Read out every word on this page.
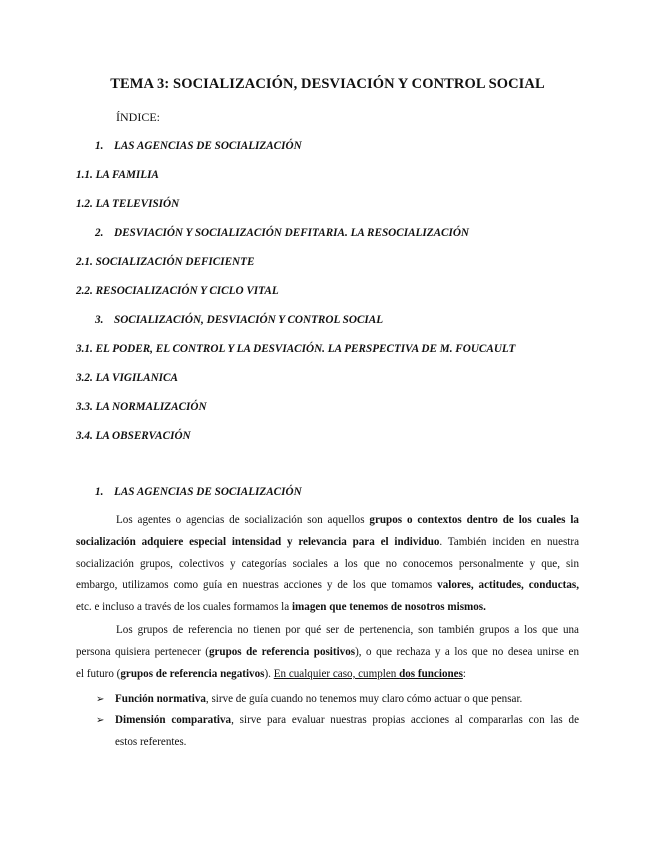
TEMA 3: SOCIALIZACIÓN, DESVIACIÓN Y CONTROL SOCIAL
ÍNDICE:
1. LAS AGENCIAS DE SOCIALIZACIÓN
1.1. LA FAMILIA
1.2. LA TELEVISIÓN
2. DESVIACIÓN Y SOCIALIZACIÓN DEFITARIA. LA RESOCIALIZACIÓN
2.1. SOCIALIZACIÓN DEFICIENTE
2.2. RESOCIALIZACIÓN Y CICLO VITAL
3. SOCIALIZACIÓN, DESVIACIÓN Y CONTROL SOCIAL
3.1. EL PODER, EL CONTROL Y LA DESVIACIÓN. LA PERSPECTIVA DE M. FOUCAULT
3.2. LA VIGILANICA
3.3. LA NORMALIZACIÓN
3.4. LA OBSERVACIÓN
1. LAS AGENCIAS DE SOCIALIZACIÓN
Los agentes o agencias de socialización son aquellos grupos o contextos dentro de los cuales la
socialización adquiere especial intensidad y relevancia para el individuo. También inciden en nuestra
socialización grupos, colectivos y categorías sociales a los que no conocemos personalmente y que, sin
embargo, utilizamos como guía en nuestras acciones y de los que tomamos valores, actitudes, conductas,
etc. e incluso a través de los cuales formamos la imagen que tenemos de nosotros mismos.
Los grupos de referencia no tienen por qué ser de pertenencia, son también grupos a los que una
persona quisiera pertenecer (grupos de referencia positivos), o que rechaza y a los que no desea unirse en
el futuro (grupos de referencia negativos). En cualquier caso, cumplen dos funciones:
➢ Función normativa, sirve de guía cuando no tenemos muy claro cómo actuar o que pensar.
➢ Dimensión comparativa, sirve para evaluar nuestras propias acciones al compararlas con las de
estos referentes.
